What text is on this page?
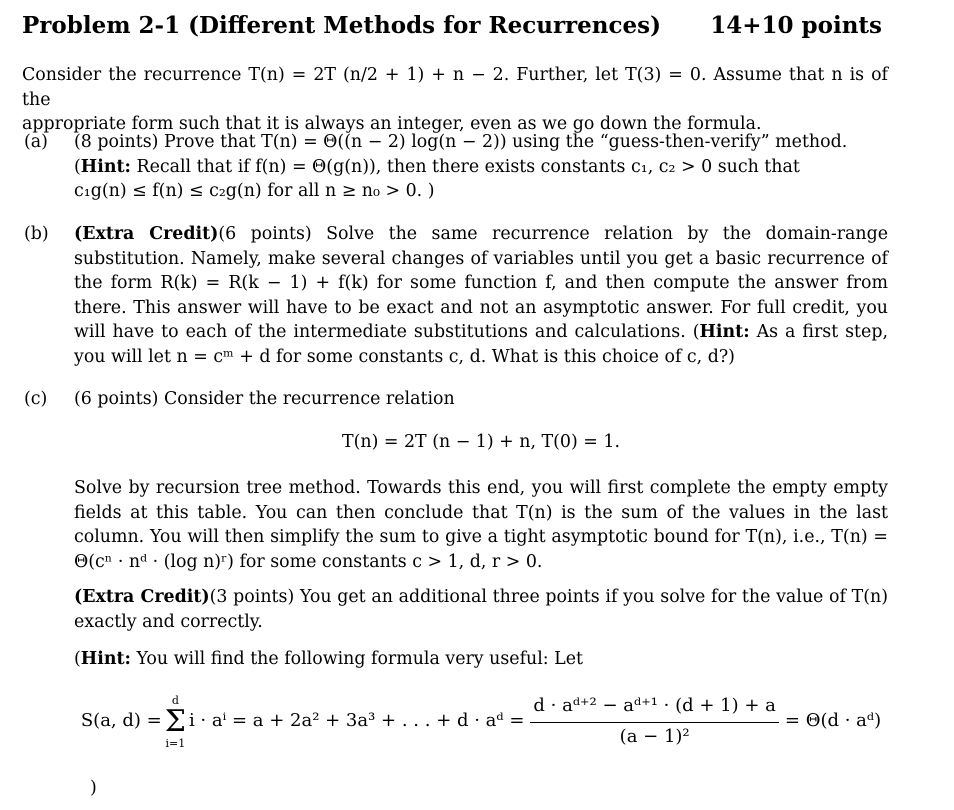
Problem 2-1 (Different Methods for Recurrences) 14+10 points
Consider the recurrence T(n) = 2T (n/2 + 1) + n − 2. Further, let T(3) = 0. Assume that n is of the
appropriate form such that it is always an integer, even as we go down the formula.
(a)	(8 points) Prove that T(n) = Θ((n − 2) log(n − 2)) using the “guess-then-verify” method.
(Hint: Recall that if f(n) = Θ(g(n)), then there exists constants c₁, c₂ > 0 such that
c₁g(n) ≤ f(n) ≤ c₂g(n) for all n ≥ n₀ > 0. )
(b)	(Extra Credit)(6 points) Solve the same recurrence relation by the domain-range substitution. Namely, make several changes of variables until you get a basic recurrence of the form R(k) = R(k − 1) + f(k) for some function f, and then compute the answer from there. This answer will have to be exact and not an asymptotic answer. For full credit, you will have to each of the intermediate substitutions and calculations. (Hint: As a first step, you will let n = cᵐ + d for some constants c, d. What is this choice of c, d?)
(c)	(6 points) Consider the recurrence relation
T(n) = 2T (n − 1) + n, T(0) = 1.

Solve by recursion tree method. Towards this end, you will first complete the empty empty fields at this table. You can then conclude that T(n) is the sum of the values in the last column. You will then simplify the sum to give a tight asymptotic bound for T(n), i.e., T(n) = Θ(cⁿ · nᵈ · (log n)ʳ) for some constants c > 1, d, r > 0.

(Extra Credit)(3 points) You get an additional three points if you solve for the value of T(n) exactly and correctly.

(Hint: You will find the following formula very useful: Let

S(a, d) =
d
Σ
i=1
i · aⁱ = a + 2a² + 3a³ + . . . + d · aᵈ = $\frac{\text{d · aᵈ⁺² − aᵈ⁺¹ · (d + 1) + a}}{\text{(a − 1)²}} = \Theta(d$ · aᵈ)
)
